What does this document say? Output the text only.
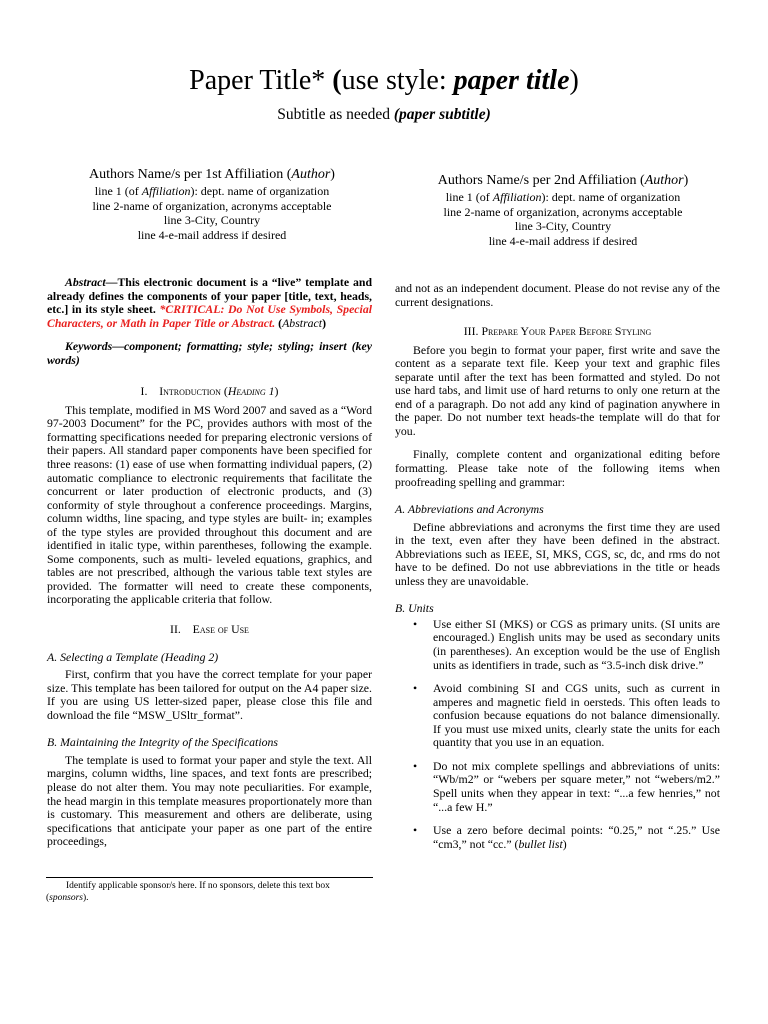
Paper Title* (use style: paper title)
Subtitle as needed (paper subtitle)
Authors Name/s per 1st Affiliation (Author)
line 1 (of Affiliation): dept. name of organization
line 2-name of organization, acronyms acceptable
line 3-City, Country
line 4-e-mail address if desired
Authors Name/s per 2nd Affiliation (Author)
line 1 (of Affiliation): dept. name of organization
line 2-name of organization, acronyms acceptable
line 3-City, Country
line 4-e-mail address if desired

Abstract—This electronic document is a “live” template and already defines the components of your paper [title, text, heads, etc.] in its style sheet. *CRITICAL: Do Not Use Symbols, Special Characters, or Math in Paper Title or Abstract. (Abstract)

Keywords—component; formatting; style; styling; insert (key words)

I. Introduction (Heading 1)

This template, modified in MS Word 2007 and saved as a “Word 97-2003 Document” for the PC, provides authors with most of the formatting specifications needed for preparing electronic versions of their papers. All standard paper components have been specified for three reasons: (1) ease of use when formatting individual papers, (2) automatic compliance to electronic requirements that facilitate the concurrent or later production of electronic products, and (3) conformity of style throughout a conference proceedings. Margins, column widths, line spacing, and type styles are built- in; examples of the type styles are provided throughout this document and are identified in italic type, within parentheses, following the example. Some components, such as multi- leveled equations, graphics, and tables are not prescribed, although the various table text styles are provided. The formatter will need to create these components, incorporating the applicable criteria that follow.

II. Ease of Use

A. Selecting a Template (Heading 2)

First, confirm that you have the correct template for your paper size. This template has been tailored for output on the A4 paper size. If you are using US letter-sized paper, please close this file and download the file “MSW_USltr_format”.

B. Maintaining the Integrity of the Specifications

The template is used to format your paper and style the text. All margins, column widths, line spaces, and text fonts are prescribed; please do not alter them. You may note peculiarities. For example, the head margin in this template measures proportionately more than is customary. This measurement and others are deliberate, using specifications that anticipate your paper as one part of the entire proceedings,

Identify applicable sponsor/s here. If no sponsors, delete this text box (sponsors).

and not as an independent document. Please do not revise any of the current designations.

III. Prepare Your Paper Before Styling

Before you begin to format your paper, first write and save the content as a separate text file. Keep your text and graphic files separate until after the text has been formatted and styled. Do not use hard tabs, and limit use of hard returns to only one return at the end of a paragraph. Do not add any kind of pagination anywhere in the paper. Do not number text heads-the template will do that for you.

Finally, complete content and organizational editing before formatting. Please take note of the following items when proofreading spelling and grammar:

A. Abbreviations and Acronyms

Define abbreviations and acronyms the first time they are used in the text, even after they have been defined in the abstract. Abbreviations such as IEEE, SI, MKS, CGS, sc, dc, and rms do not have to be defined. Do not use abbreviations in the title or heads unless they are unavoidable.

B. Units

• Use either SI (MKS) or CGS as primary units. (SI units are encouraged.) English units may be used as secondary units (in parentheses). An exception would be the use of English units as identifiers in trade, such as “3.5-inch disk drive.”
• Avoid combining SI and CGS units, such as current in amperes and magnetic field in oersteds. This often leads to confusion because equations do not balance dimensionally. If you must use mixed units, clearly state the units for each quantity that you use in an equation.
• Do not mix complete spellings and abbreviations of units: “Wb/m2” or “webers per square meter,” not “webers/m2.” Spell units when they appear in text: “...a few henries,” not “...a few H.”
• Use a zero before decimal points: “0.25,” not “.25.” Use “cm3,” not “cc.” (bullet list)
